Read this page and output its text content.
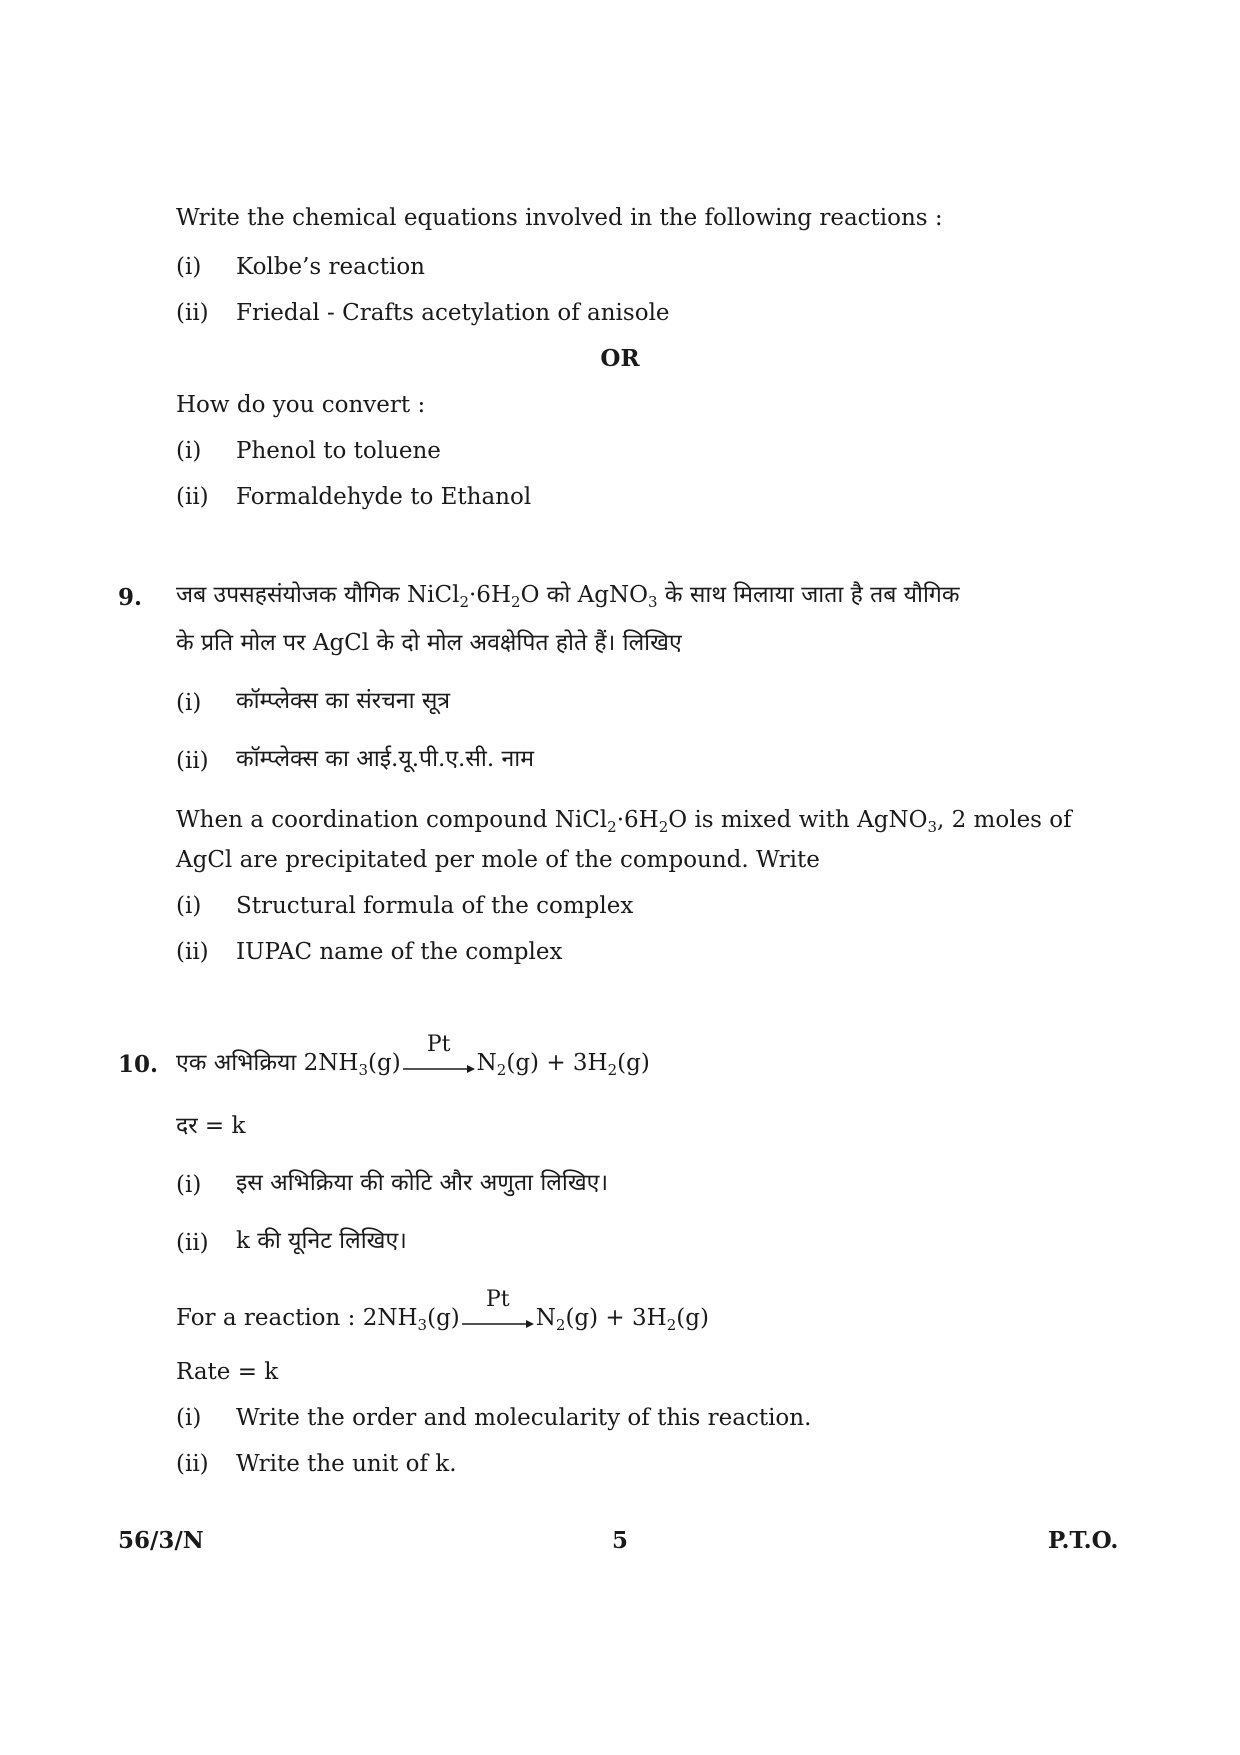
Write the chemical equations involved in the following reactions :
(i) Kolbe’s reaction
(ii) Friedal - Crafts acetylation of anisole
OR
How do you convert :
(i) Phenol to toluene
(ii) Formaldehyde to Ethanol
9. जब उपसहसंयोजक यौगिक $NiCl_2\cdot 6H_2O$ को AgNO$_3$ के साथ मिलाया जाता है तब यौगिक
के प्रति मोल पर AgCl के दो मोल अवक्षेपित होते हैं। लिखिए
(i) कॉम्प्लेक्स का संरचना सूत्र
(ii) कॉम्प्लेक्स का आई.यू.पी.ए.सी. नाम
When a coordination compound $NiCl_2\cdot 6H_2O$ is mixed with AgNO$_3$, 2 moles of
AgCl are precipitated per mole of the compound. Write
(i) Structural formula of the complex
(ii) IUPAC name of the complex
10. एक अभिक्रिया $2NH_3(g)$
Pt
$N_2(g) + 3H_2(g)$
दर = k
(i) इस अभिक्रिया की कोटि और अणुता लिखिए।
(ii) k की यूनिट लिखिए।
For a reaction : $2NH_3(g)$
Pt
$N_2(g) + 3H_2(g)$
Rate = k
(i) Write the order and molecularity of this reaction.
(ii) Write the unit of k.
56/3/N	5	P.T.O.
